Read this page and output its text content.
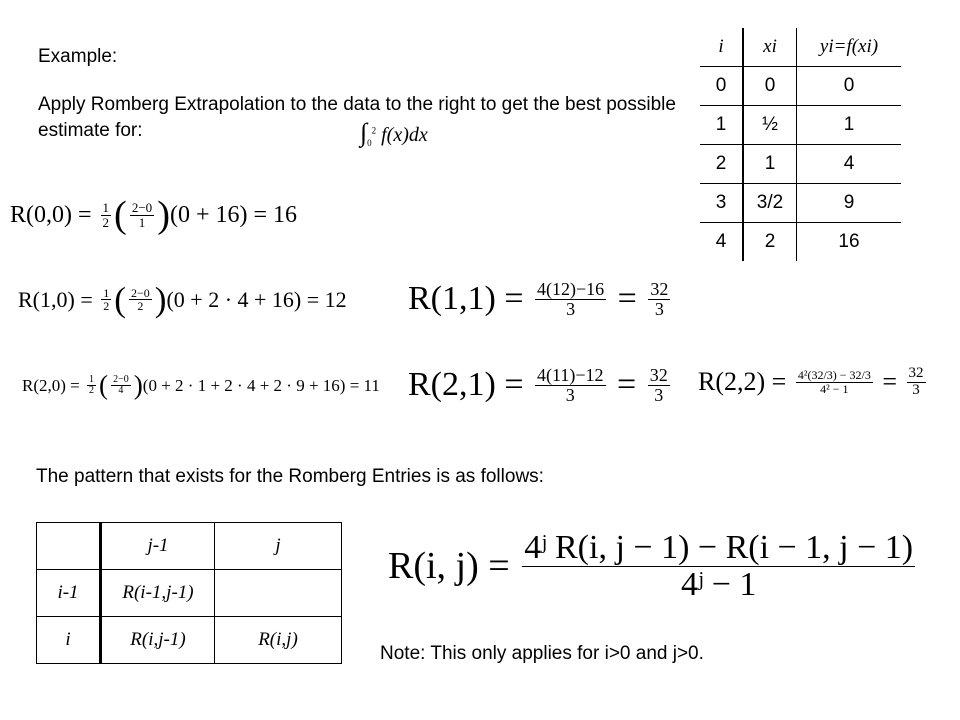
Example:
Apply Romberg Extrapolation to the data to the right to get the best possible estimate for:	$\int_0^2$ f(x)dx
i	xi	yi=f(xi)
0	0	0
1	½	1
2	1	4
3	3/2	9
4	2	16
$R(0,0) = \frac{1}{2}$ ( $\frac{2-0}{1}$ ) (0 + 16)
= 16
$R(1,0) = \frac{1}{2}$ ( $\frac{2-0}{2}$ ) (0 + 2 · 4 + 16)
= 12
$R(2,0) = \frac{1}{2}$ ( $\frac{2-0}{4}$ ) (0 + 2 · 1 + 2 · 4 + 2 · 9 + 16)
= 11
$R(1,1) = \frac{4(12)-16}{3} = \frac{32}{3}$
$R(2,1) = \frac{4(11)-12}{3} = \frac{32}{3} R(2,2) = \frac{\text{4²(32/3) − 32/3}}{\text{4² − 1}} = \frac{32}{3}$
The pattern that exists for the Romberg Entries is as follows:
	j-1	j
i-1	R(i-1,j-1)	
i	R(i,j-1)	R(i,j)
R(i, $j) = \frac{\text{4ʲ R(i, j − 1) − R(i − 1, j − 1)}}{\text{4ʲ − 1}}$
Note: This only applies for i>0 and j>0.
